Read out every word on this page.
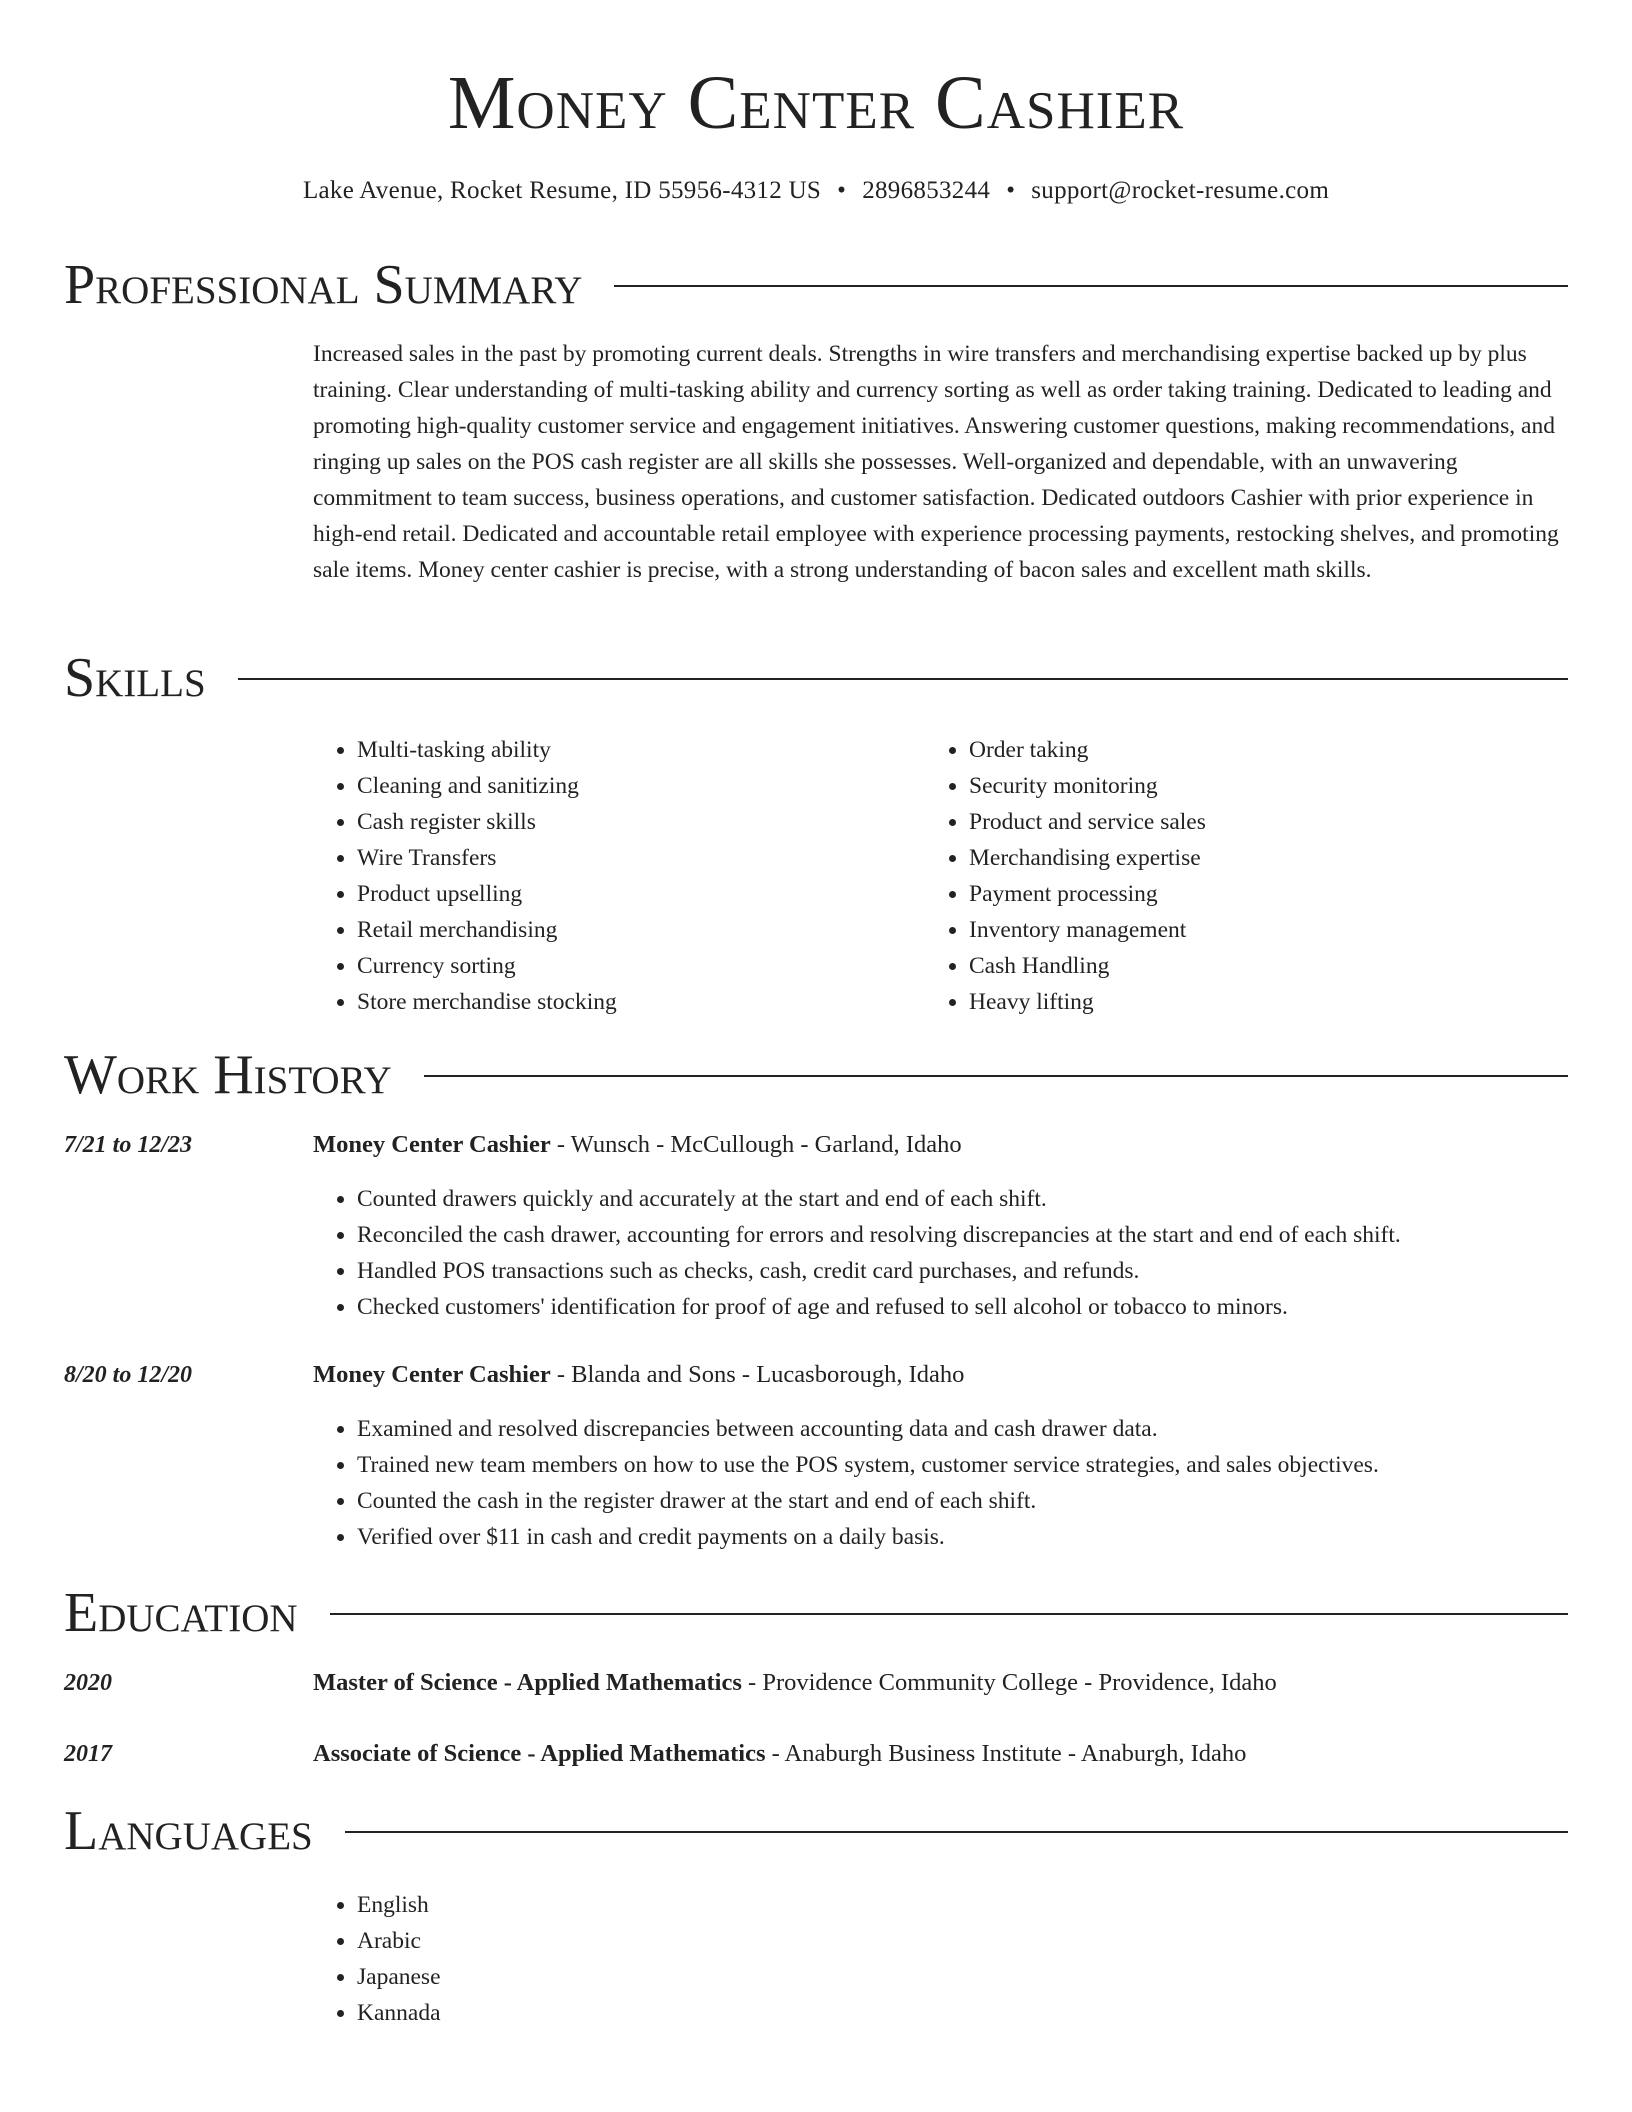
Money Center Cashier
Lake Avenue, Rocket Resume, ID 55956-4312 US • 2896853244 • support@rocket-resume.com
Professional Summary
Increased sales in the past by promoting current deals. Strengths in wire transfers and merchandising expertise backed up by plus training. Clear understanding of multi-tasking ability and currency sorting as well as order taking training. Dedicated to leading and promoting high-quality customer service and engagement initiatives. Answering customer questions, making recommendations, and ringing up sales on the POS cash register are all skills she possesses. Well-organized and dependable, with an unwavering commitment to team success, business operations, and customer satisfaction. Dedicated outdoors Cashier with prior experience in high-end retail. Dedicated and accountable retail employee with experience processing payments, restocking shelves, and promoting sale items. Money center cashier is precise, with a strong understanding of bacon sales and excellent math skills.
Skills
• Multi-tasking ability
• Cleaning and sanitizing
• Cash register skills
• Wire Transfers
• Product upselling
• Retail merchandising
• Currency sorting
• Store merchandise stocking
• Order taking
• Security monitoring
• Product and service sales
• Merchandising expertise
• Payment processing
• Inventory management
• Cash Handling
• Heavy lifting
Work History
7/21 to 12/23	Money Center Cashier - Wunsch - McCullough - Garland, Idaho
• Counted drawers quickly and accurately at the start and end of each shift.
• Reconciled the cash drawer, accounting for errors and resolving discrepancies at the start and end of each shift.
• Handled POS transactions such as checks, cash, credit card purchases, and refunds.
• Checked customers' identification for proof of age and refused to sell alcohol or tobacco to minors.
8/20 to 12/20	Money Center Cashier - Blanda and Sons - Lucasborough, Idaho
• Examined and resolved discrepancies between accounting data and cash drawer data.
• Trained new team members on how to use the POS system, customer service strategies, and sales objectives.
• Counted the cash in the register drawer at the start and end of each shift.
• Verified over $11 in cash and credit payments on a daily basis.
Education
2020	Master of Science - Applied Mathematics - Providence Community College - Providence, Idaho
2017	Associate of Science - Applied Mathematics - Anaburgh Business Institute - Anaburgh, Idaho
Languages
• English
• Arabic
• Japanese
• Kannada
